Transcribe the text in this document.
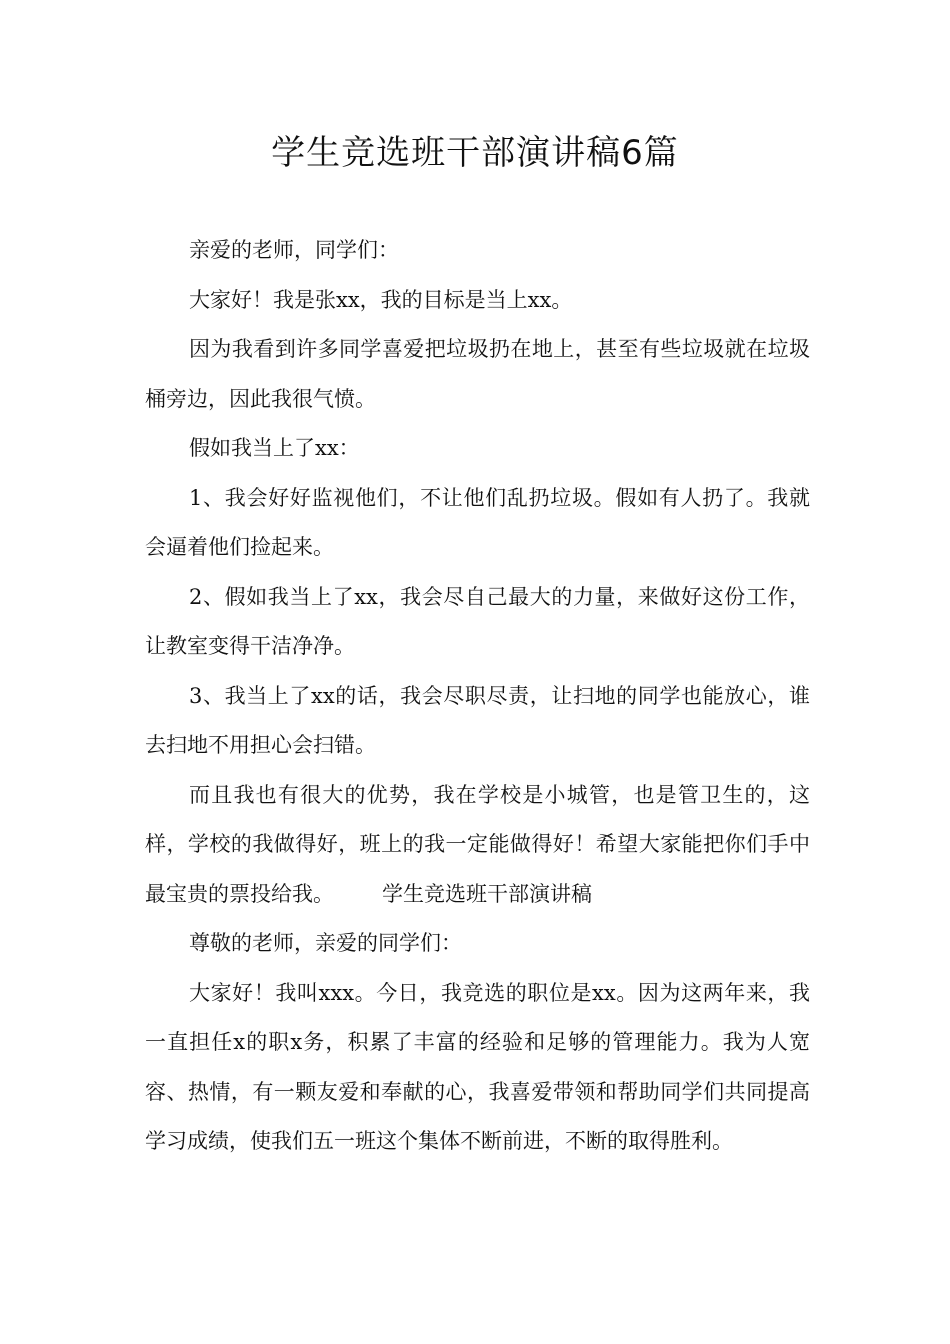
学生竞选班干部演讲稿6篇

亲爱的老师，同学们：

大家好！我是张xx，我的目标是当上xx。

因为我看到许多同学喜爱把垃圾扔在地上，甚至有些垃圾就在垃圾桶旁边，因此我很气愤。

假如我当上了xx：

1、我会好好监视他们，不让他们乱扔垃圾。假如有人扔了。我就会逼着他们捡起来。

2、假如我当上了xx，我会尽自己最大的力量，来做好这份工作，让教室变得干洁净净。

3、我当上了xx的话，我会尽职尽责，让扫地的同学也能放心，谁去扫地不用担心会扫错。

而且我也有很大的优势，我在学校是小城管，也是管卫生的，这样，学校的我做得好，班上的我一定能做得好！希望大家能把你们手中最宝贵的票投给我。 学生竞选班干部演讲稿

尊敬的老师，亲爱的同学们：

大家好！我叫xxx。今日，我竞选的职位是xx。因为这两年来，我一直担任x的职x务，积累了丰富的经验和足够的管理能力。我为人宽容、热情，有一颗友爱和奉献的心，我喜爱带领和帮助同学们共同提高学习成绩，使我们五一班这个集体不断前进，不断的取得胜利。
